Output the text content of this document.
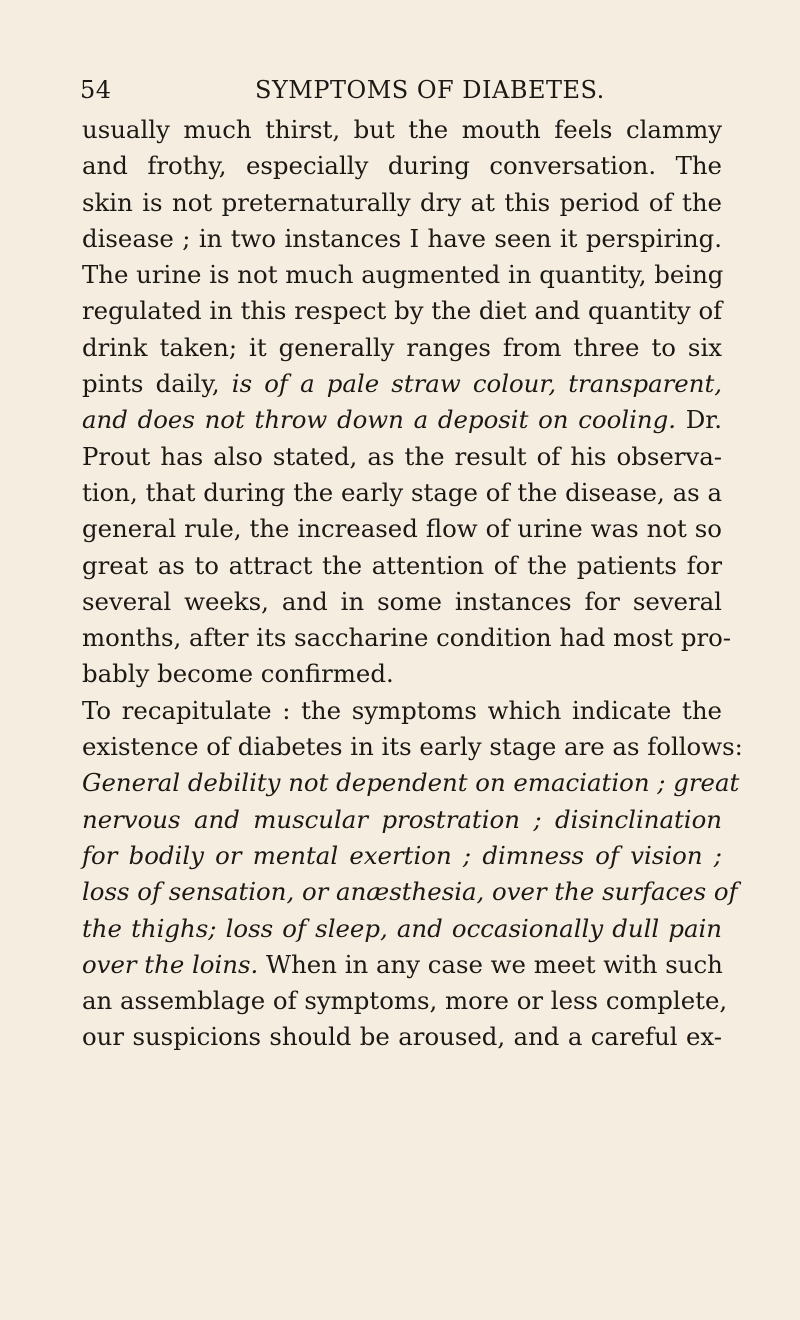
54	SYMPTOMS OF DIABETES.
usually much thirst, but the mouth feels clammy
and frothy, especially during conversation. The
skin is not preternaturally dry at this period of the
disease ; in two instances I have seen it perspiring.
The urine is not much augmented in quantity, being
regulated in this respect by the diet and quantity of
drink taken; it generally ranges from three to six
pints daily, is of a pale straw colour, transparent,
and does not throw down a deposit on cooling. Dr.
Prout has also stated, as the result of his observa-
tion, that during the early stage of the disease, as a
general rule, the increased flow of urine was not so
great as to attract the attention of the patients for
several weeks, and in some instances for several
months, after its saccharine condition had most pro-
bably become confirmed.
To recapitulate : the symptoms which indicate the
existence of diabetes in its early stage are as follows:
General debility not dependent on emaciation ; great
nervous and muscular prostration ; disinclination
for bodily or mental exertion ; dimness of vision ;
loss of sensation, or anæsthesia, over the surfaces of
the thighs; loss of sleep, and occasionally dull pain
over the loins. When in any case we meet with such
an assemblage of symptoms, more or less complete,
our suspicions should be aroused, and a careful ex-
